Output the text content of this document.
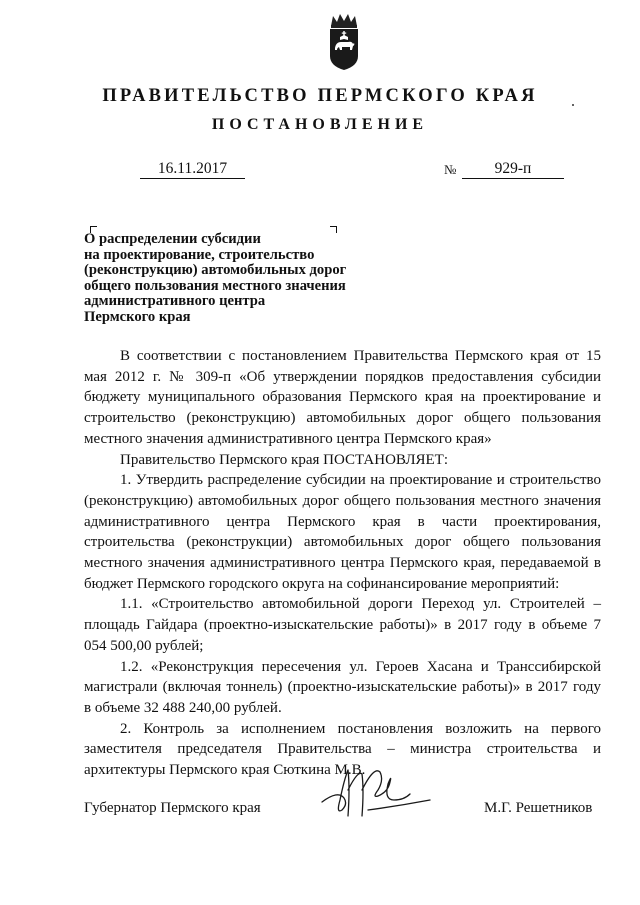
ПРАВИТЕЛЬСТВО ПЕРМСКОГО КРАЯ
ПОСТАНОВЛЕНИЕ
16.11.2017	№	929-п
О распределении субсидии
на проектирование, строительство
(реконструкцию) автомобильных дорог
общего пользования местного значения
административного центра
Пермского края

В соответствии с постановлением Правительства Пермского края от 15 мая 2012 г. № 309-п «Об утверждении порядков предоставления субсидии бюджету муниципального образования Пермского края на проектирование и строительство (реконструкцию) автомобильных дорог общего пользования местного значения административного центра Пермского края»

Правительство Пермского края ПОСТАНОВЛЯЕТ:

1. Утвердить распределение субсидии на проектирование и строительство (реконструкцию) автомобильных дорог общего пользования местного значения административного центра Пермского края в части проектирования, строительства (реконструкции) автомобильных дорог общего пользования местного значения административного центра Пермского края, передаваемой в бюджет Пермского городского округа на софинансирование мероприятий:

1.1. «Строительство автомобильной дороги Переход ул. Строителей – площадь Гайдара (проектно-изыскательские работы)» в 2017 году в объеме 7 054 500,00 рублей;

1.2. «Реконструкция пересечения ул. Героев Хасана и Транссибирской магистрали (включая тоннель) (проектно-изыскательские работы)» в 2017 году в объеме 32 488 240,00 рублей.

2. Контроль за исполнением постановления возложить на первого заместителя председателя Правительства – министра строительства и архитектуры Пермского края Сюткина М.В.

Губернатор Пермского края	М.Г. Решетников
